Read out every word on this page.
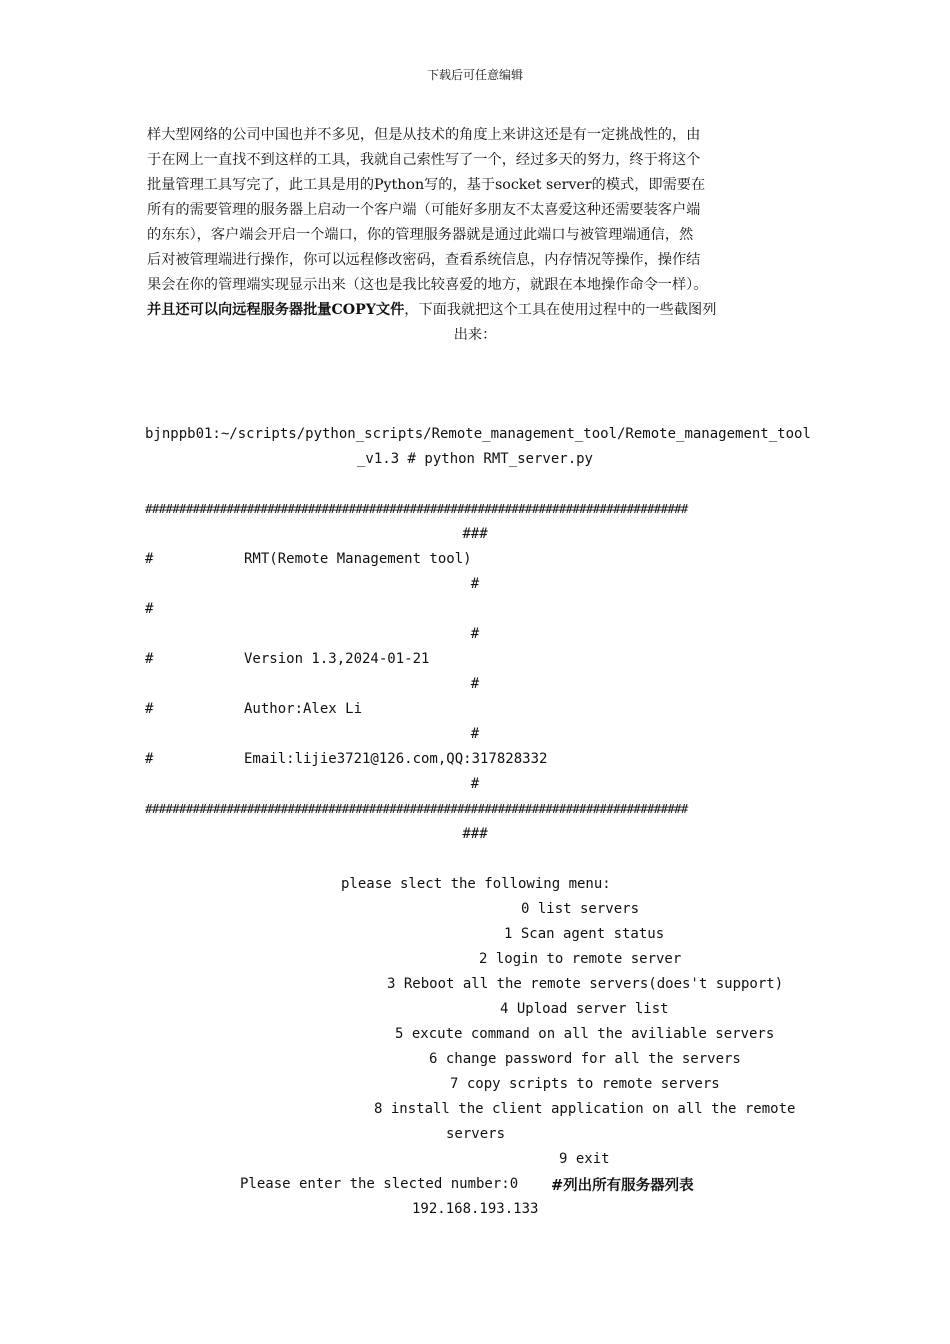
下载后可任意编辑
样大型网络的公司中国也并不多见，但是从技术的角度上来讲这还是有一定挑战性的，由
于在网上一直找不到这样的工具，我就自己索性写了一个，经过多天的努力，终于将这个
批量管理工具写完了，此工具是用的Python写的，基于socket server的模式，即需要在
所有的需要管理的服务器上启动一个客户端（可能好多朋友不太喜爱这种还需要装客户端
的东东），客户端会开启一个端口，你的管理服务器就是通过此端口与被管理端通信，然
后对被管理端进行操作，你可以远程修改密码，查看系统信息，内存情况等操作，操作结
果会在你的管理端实现显示出来（这也是我比较喜爱的地方，就跟在本地操作命令一样）。
并且还可以向远程服务器批量COPY文件，下面我就把这个工具在使用过程中的一些截图列
出来：
bjnppb01:~/scripts/python_scripts/Remote_management_tool/Remote_management_tool
_v1.3 # python RMT_server.py
################################################################################
###
#	RMT(Remote Management tool)
#
#
#
#	Version 1.3,2024-01-21
#
#	Author:Alex Li
#
#	Email:lijie3721@126.com,QQ:317828332
#
################################################################################
###
please slect the following menu:
0 list servers
1 Scan agent status
2 login to remote server
3 Reboot all the remote servers(does't support)
4 Upload server list
5 excute command on all the aviliable servers
6 change password for all the servers
7 copy scripts to remote servers
8 install the client application on all the remote
servers
9 exit
Please enter the slected number:0 #列出所有服务器列表
192.168.193.133
